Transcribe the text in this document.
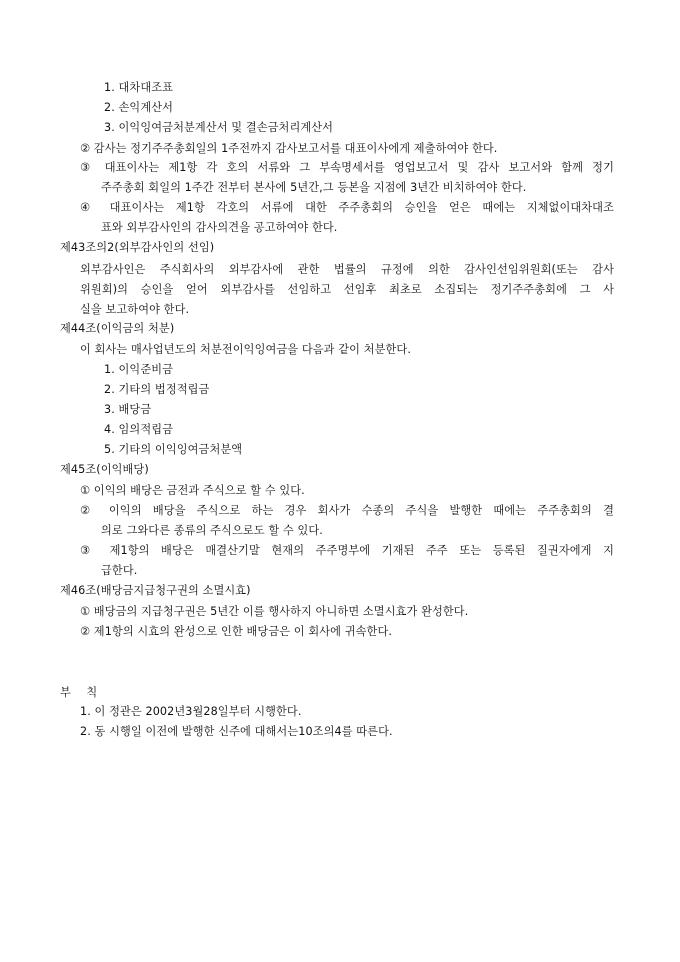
1. 대차대조표
2. 손익계산서
3. 이익잉여금처분계산서 및 결손금처리계산서
② 감사는 정기주주총회일의 1주전까지 감사보고서를 대표이사에게 제출하여야 한다.
③ 대표이사는 제1항 각 호의 서류와 그 부속명세서를 영업보고서 및 감사 보고서와 함께 정기
주주총회 회일의 1주간 전부터 본사에 5년간,그 등본을 지점에 3년간 비치하여야 한다.
④ 대표이사는 제1항 각호의 서류에 대한 주주총회의 승인을 얻은 때에는 지체없이대차대조
표와 외부감사인의 감사의견을 공고하여야 한다.
제43조의2(외부감사인의 선임)
외부감사인은 주식회사의 외부감사에 관한 법률의 규정에 의한 감사인선임위원회(또는 감사
위원회)의 승인을 얻어 외부감사를 선임하고 선임후 최초로 소집되는 정기주주총회에 그 사
실을 보고하여야 한다.
제44조(이익금의 처분)
이 회사는 매사업년도의 처분전이익잉여금을 다음과 같이 처분한다.
1. 이익준비금
2. 기타의 법정적립금
3. 배당금
4. 임의적립금
5. 기타의 이익잉여금처분액
제45조(이익배당)
① 이익의 배당은 금전과 주식으로 할 수 있다.
② 이익의 배당을 주식으로 하는 경우 회사가 수종의 주식을 발행한 때에는 주주총회의 결
의로 그와다른 종류의 주식으로도 할 수 있다.
③ 제1항의 배당은 매결산기말 현재의 주주명부에 기재된 주주 또는 등록된 질권자에게 지
급한다.
제46조(배당금지급청구권의 소멸시효)
① 배당금의 지급청구권은 5년간 이를 행사하지 아니하면 소멸시효가 완성한다.
② 제1항의 시효의 완성으로 인한 배당금은 이 회사에 귀속한다.
부 칙
1. 이 정관은 2002년3월28일부터 시행한다.
2. 동 시행일 이전에 발행한 신주에 대해서는10조의4를 따른다.
